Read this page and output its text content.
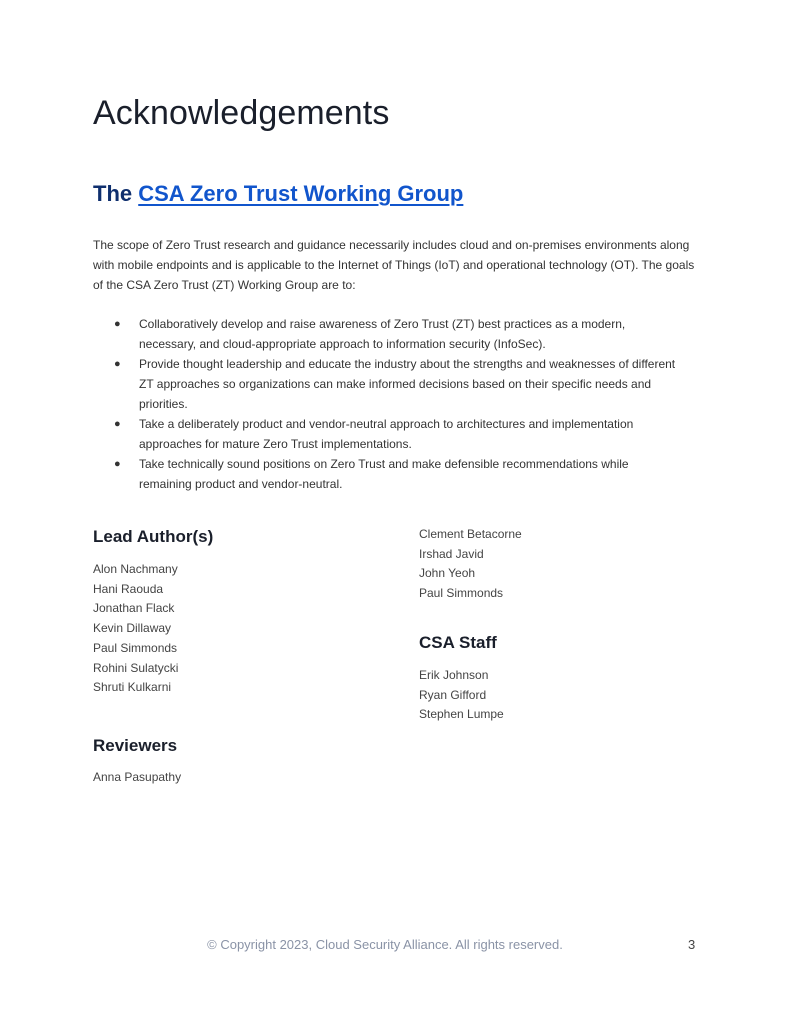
Acknowledgements
The CSA Zero Trust Working Group

The scope of Zero Trust research and guidance necessarily includes cloud and on-premises environments along with mobile endpoints and is applicable to the Internet of Things (IoT) and operational technology (OT). The goals of the CSA Zero Trust (ZT) Working Group are to:

● Collaboratively develop and raise awareness of Zero Trust (ZT) best practices as a modern, necessary, and cloud-appropriate approach to information security (InfoSec).
● Provide thought leadership and educate the industry about the strengths and weaknesses of different ZT approaches so organizations can make informed decisions based on their specific needs and priorities.
● Take a deliberately product and vendor-neutral approach to architectures and implementation approaches for mature Zero Trust implementations.
● Take technically sound positions on Zero Trust and make defensible recommendations while remaining product and vendor-neutral.
Lead Author(s)
Alon Nachmany
Hani Raouda
Jonathan Flack
Kevin Dillaway
Paul Simmonds
Rohini Sulatycki
Shruti Kulkarni
Reviewers
Anna Pasupathy
Clement Betacorne
Irshad Javid
John Yeoh
Paul Simmonds
CSA Staff
Erik Johnson
Ryan Gifford
Stephen Lumpe
© Copyright 2023, Cloud Security Alliance. All rights reserved.	3
